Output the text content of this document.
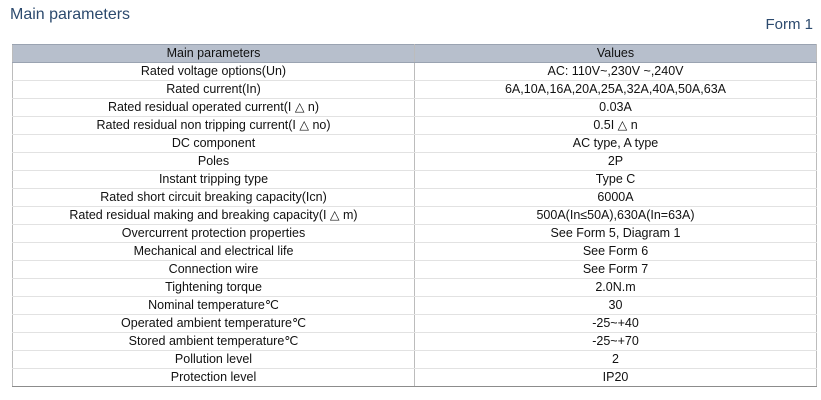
Main parameters
Form 1
Main parameters	Values
Rated voltage options(Un)	AC: 110V~,230V ~,240V
Rated current(In)	6A,10A,16A,20A,25A,32A,40A,50A,63A
Rated residual operated current(I △ n)	0.03A
Rated residual non tripping current(I △ no)	0.5I △ n
DC component	AC type, A type
Poles	2P
Instant tripping type	Type C
Rated short circuit breaking capacity(Icn)	6000A
Rated residual making and breaking capacity(I △ m)	500A(In≤50A),630A(In=63A)
Overcurrent protection properties	See Form 5, Diagram 1
Mechanical and electrical life	See Form 6
Connection wire	See Form 7
Tightening torque	2.0N.m
Nominal temperature℃	30
Operated ambient temperature℃	-25~+40
Stored ambient temperature℃	-25~+70
Pollution level	2
Protection level	IP20
